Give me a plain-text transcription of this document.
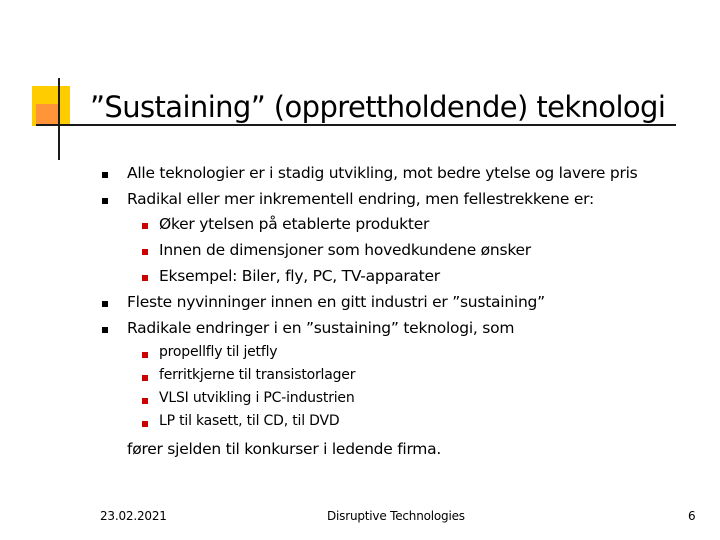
”Sustaining” (opprettholdende) teknologi
Alle teknologier er i stadig utvikling, mot bedre ytelse og lavere pris
Radikal eller mer inkrementell endring, men fellestrekkene er:
Øker ytelsen på etablerte produkter
Innen de dimensjoner som hovedkundene ønsker
Eksempel: Biler, fly, PC, TV-apparater
Fleste nyvinninger innen en gitt industri er ”sustaining”
Radikale endringer i en ”sustaining” teknologi, som
propellfly til jetfly
ferritkjerne til transistorlager
VLSI utvikling i PC-industrien
LP til kasett, til CD, til DVD
fører sjelden til konkurser i ledende firma.
23.02.2021	Disruptive Technologies	6
